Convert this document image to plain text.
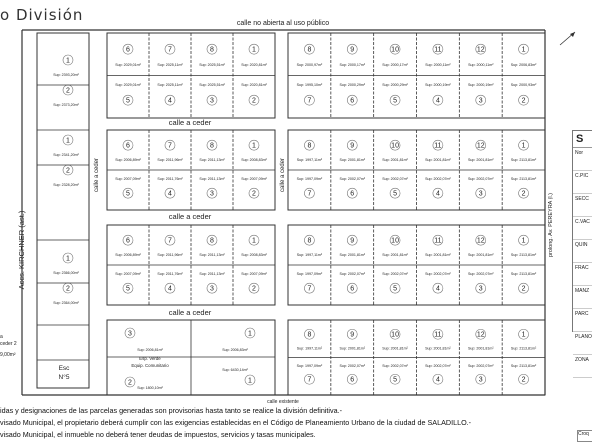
o División
1
Sup: 2393,20m²
2
Sup: 2373,20m²
1
Sup: 2341,20m²
2
Sup: 2328,20m²
1
Sup: 2366,00m²
2
Sup: 2364,00m²
6
Sup: 2029,01m²
5
Sup: 2029,01m²
7
Sup: 2025,11m²
4
Sup: 2025,11m²
8
Sup: 2025,51m²
3
Sup: 2025,51m²
1
Sup: 2020,81m²
2
Sup: 2020,81m²
8
Sup: 2000,97m²
7
Sup: 1995,10m²
9
Sup: 2000,17m²
6
Sup: 2000,29m²
10
Sup: 2000,17m²
5
Sup: 2000,29m²
11
Sup: 2000,11m²
4
Sup: 2000,19m²
12
Sup: 2000,11m²
3
Sup: 2000,19m²
1
Sup: 2006,83m²
2
Sup: 2000,93m²
6
Sup: 2006,89m²
5
Sup: 2007,09m²
7
Sup: 2011,96m²
4
Sup: 2011,76m²
8
Sup: 2011,13m²
3
Sup: 2011,13m²
1
Sup: 2008,83m²
2
Sup: 2007,09m²
8
Sup: 1997,11m²
7
Sup: 1997,09m²
9
Sup: 2001,81m²
6
Sup: 2002,07m²
10
Sup: 2001,81m²
5
Sup: 2002,07m²
11
Sup: 2001,81m²
4
Sup: 2002,07m²
12
Sup: 2001,81m²
3
Sup: 2002,07m²
1
Sup: 2113,81m²
2
Sup: 2113,81m²
6
Sup: 2006,89m²
5
Sup: 2007,09m²
7
Sup: 2011,96m²
4
Sup: 2011,76m²
8
Sup: 2011,13m²
3
Sup: 2011,13m²
1
Sup: 2008,83m²
2
Sup: 2007,09m²
8
Sup: 1997,11m²
7
Sup: 1997,09m²
9
Sup: 2001,81m²
6
Sup: 2002,07m²
10
Sup: 2001,81m²
5
Sup: 2002,07m²
11
Sup: 2001,81m²
4
Sup: 2002,07m²
12
Sup: 2001,81m²
3
Sup: 2002,07m²
1
Sup: 2113,81m²
2
Sup: 2113,81m²
8
Sup: 1997,11m²
7
Sup: 1997,09m²
9
Sup: 2001,81m²
6
Sup: 2002,07m²
10
Sup: 2001,81m²
5
Sup: 2002,07m²
11
Sup: 2001,81m²
4
Sup: 2002,07m²
12
Sup: 2001,81m²
3
Sup: 2002,07m²
1
Sup: 2113,81m²
2
Sup: 2113,81m²
3	1
Sup: 2006,81m²	Sup: 2006,83m²
Esp. Verde
Equip. Comunitario
2	1
Sup: 1800,10m²
Sup: 6430,14m²
calle no abierta al uso público
calle a ceder
calle a ceder
calle a ceder
calle existente
Accs. KIRCHNER (ast.)
calle a ceder	calle a ceder
prolong. Av. PEREYRA (l.)
Esc
N°5
a
ceder 2
9,00m²
idas y designaciones de las parcelas generadas son provisorias hasta tanto se realice la división definitiva.-
visado Municipal, el propietario deberá cumplir con las exigencias establecidas en el Código de Planeamiento Urbano de la ciudad de SALADILLO.-
visado Municipal, el inmueble no deberá tener deudas de impuestos, servicios y tasas municipales.
S
Nor
C.PIC
SECC
C.VAC
QUIN
FRAC
MANZ
PARC
PLANO
ZONA
Croq
